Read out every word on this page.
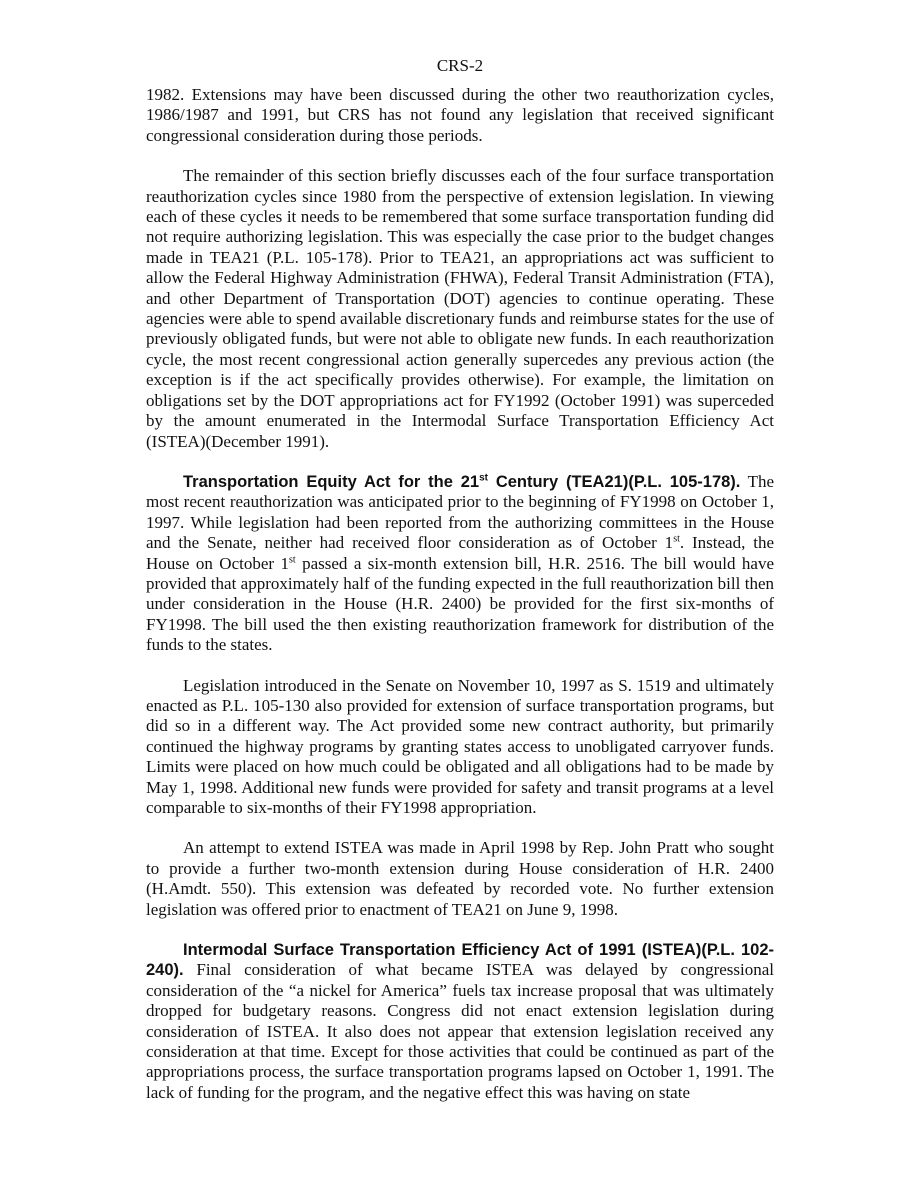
CRS-2

1982. Extensions may have been discussed during the other two reauthorization cycles, 1986/1987 and 1991, but CRS has not found any legislation that received significant congressional consideration during those periods.

The remainder of this section briefly discusses each of the four surface transportation reauthorization cycles since 1980 from the perspective of extension legislation. In viewing each of these cycles it needs to be remembered that some surface transportation funding did not require authorizing legislation. This was especially the case prior to the budget changes made in TEA21 (P.L. 105-178). Prior to TEA21, an appropriations act was sufficient to allow the Federal Highway Administration (FHWA), Federal Transit Administration (FTA), and other Department of Transportation (DOT) agencies to continue operating. These agencies were able to spend available discretionary funds and reimburse states for the use of previously obligated funds, but were not able to obligate new funds. In each reauthorization cycle, the most recent congressional action generally supercedes any previous action (the exception is if the act specifically provides otherwise). For example, the limitation on obligations set by the DOT appropriations act for FY1992 (October 1991) was superceded by the amount enumerated in the Intermodal Surface Transportation Efficiency Act (ISTEA)(December 1991).

Transportation Equity Act for the 21st Century (TEA21)(P.L. 105-178). The most recent reauthorization was anticipated prior to the beginning of FY1998 on October 1, 1997. While legislation had been reported from the authorizing committees in the House and the Senate, neither had received floor consideration as of October 1st. Instead, the House on October 1st passed a six-month extension bill, H.R. 2516. The bill would have provided that approximately half of the funding expected in the full reauthorization bill then under consideration in the House (H.R. 2400) be provided for the first six-months of FY1998. The bill used the then existing reauthorization framework for distribution of the funds to the states.

Legislation introduced in the Senate on November 10, 1997 as S. 1519 and ultimately enacted as P.L. 105-130 also provided for extension of surface transportation programs, but did so in a different way. The Act provided some new contract authority, but primarily continued the highway programs by granting states access to unobligated carryover funds. Limits were placed on how much could be obligated and all obligations had to be made by May 1, 1998. Additional new funds were provided for safety and transit programs at a level comparable to six-months of their FY1998 appropriation.

An attempt to extend ISTEA was made in April 1998 by Rep. John Pratt who sought to provide a further two-month extension during House consideration of H.R. 2400 (H.Amdt. 550). This extension was defeated by recorded vote. No further extension legislation was offered prior to enactment of TEA21 on June 9, 1998.

Intermodal Surface Transportation Efficiency Act of 1991 (ISTEA)(P.L. 102-240). Final consideration of what became ISTEA was delayed by congressional consideration of the “a nickel for America” fuels tax increase proposal that was ultimately dropped for budgetary reasons. Congress did not enact extension legislation during consideration of ISTEA. It also does not appear that extension legislation received any consideration at that time. Except for those activities that could be continued as part of the appropriations process, the surface transportation programs lapsed on October 1, 1991. The lack of funding for the program, and the negative effect this was having on state
